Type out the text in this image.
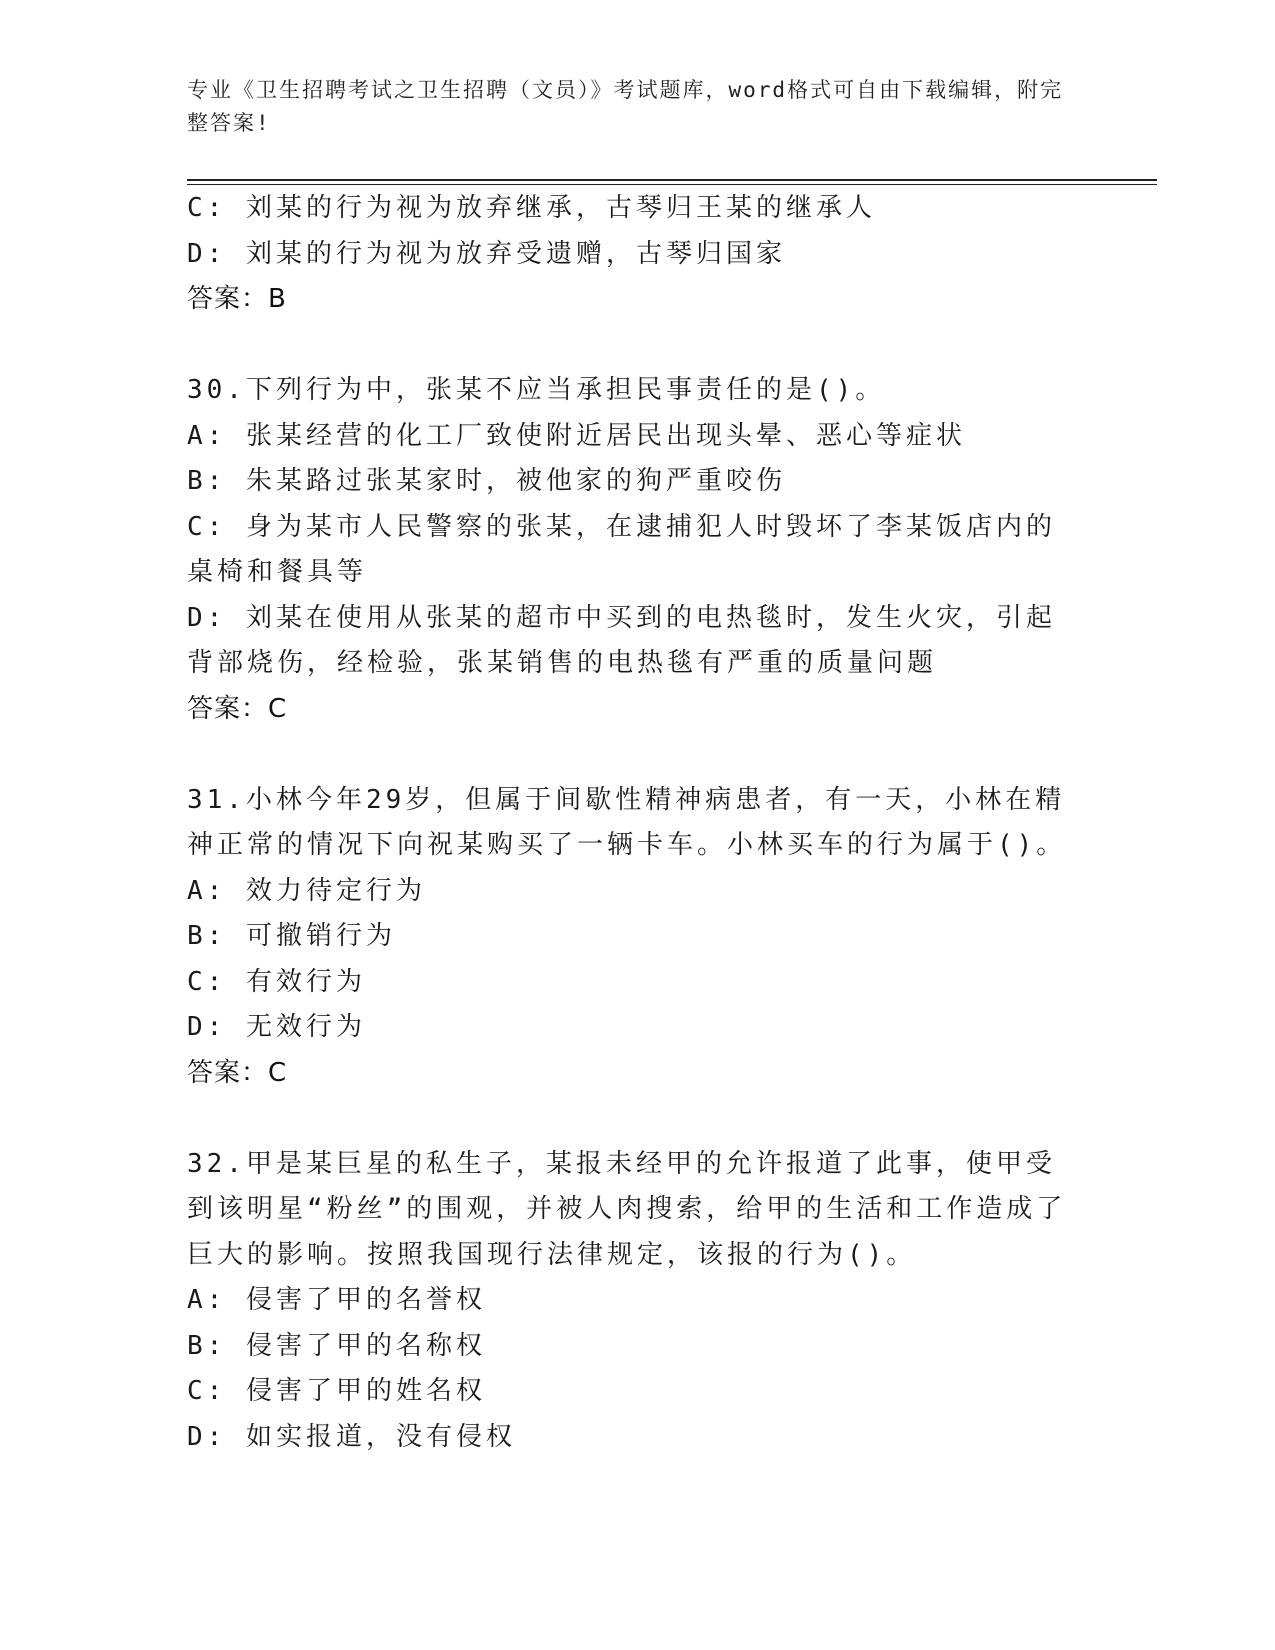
专业《卫生招聘考试之卫生招聘（文员）》考试题库，word格式可自由下载编辑，附完整答案!
C: 刘某的行为视为放弃继承，古琴归王某的继承人
D: 刘某的行为视为放弃受遗赠，古琴归国家
答案：B
30.下列行为中，张某不应当承担民事责任的是()。
A: 张某经营的化工厂致使附近居民出现头晕、恶心等症状
B: 朱某路过张某家时，被他家的狗严重咬伤
C: 身为某市人民警察的张某，在逮捕犯人时毁坏了李某饭店内的桌椅和餐具等
D: 刘某在使用从张某的超市中买到的电热毯时，发生火灾，引起背部烧伤，经检验，张某销售的电热毯有严重的质量问题
答案：C
31.小林今年29岁，但属于间歇性精神病患者，有一天，小林在精神正常的情况下向祝某购买了一辆卡车。小林买车的行为属于()。
A: 效力待定行为
B: 可撤销行为
C: 有效行为
D: 无效行为
答案：C
32.甲是某巨星的私生子，某报未经甲的允许报道了此事，使甲受到该明星“粉丝”的围观，并被人肉搜索，给甲的生活和工作造成了巨大的影响。按照我国现行法律规定，该报的行为()。
A: 侵害了甲的名誉权
B: 侵害了甲的名称权
C: 侵害了甲的姓名权
D: 如实报道，没有侵权
